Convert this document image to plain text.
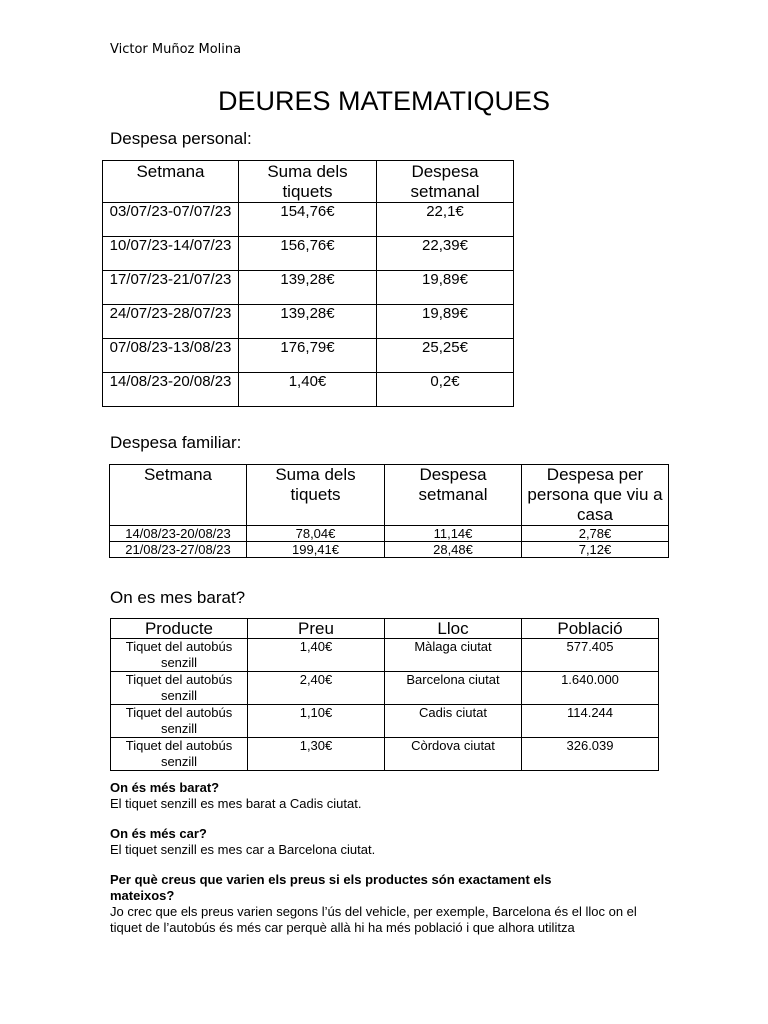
Victor Muñoz Molina
DEURES MATEMATIQUES
Despesa personal:
Setmana	Suma dels tiquets	Despesa setmanal
03/07/23-07/07/23	154,76€	22,1€
10/07/23-14/07/23	156,76€	22,39€
17/07/23-21/07/23	139,28€	19,89€
24/07/23-28/07/23	139,28€	19,89€
07/08/23-13/08/23	176,79€	25,25€
14/08/23-20/08/23	1,40€	0,2€
Despesa familiar:
Setmana	Suma dels tiquets	Despesa setmanal	Despesa per persona que viu a casa
14/08/23-20/08/23	78,04€	11,14€	2,78€
21/08/23-27/08/23	199,41€	28,48€	7,12€
On es mes barat?
Producte	Preu	Lloc	Població
Tiquet del autobús senzill	1,40€	Màlaga ciutat	577.405
Tiquet del autobús senzill	2,40€	Barcelona ciutat	1.640.000
Tiquet del autobús senzill	1,10€	Cadis ciutat	114.244
Tiquet del autobús senzill	1,30€	Còrdova ciutat	326.039
On és més barat?
El tiquet senzill es mes barat a Cadis ciutat.
On és més car?
El tiquet senzill es mes car a Barcelona ciutat.
Per què creus que varien els preus si els productes són exactament els mateixos?
Jo crec que els preus varien segons l’ús del vehicle, per exemple, Barcelona és el lloc on el tiquet de l’autobús és més car perquè allà hi ha més població i que alhora utilitza
